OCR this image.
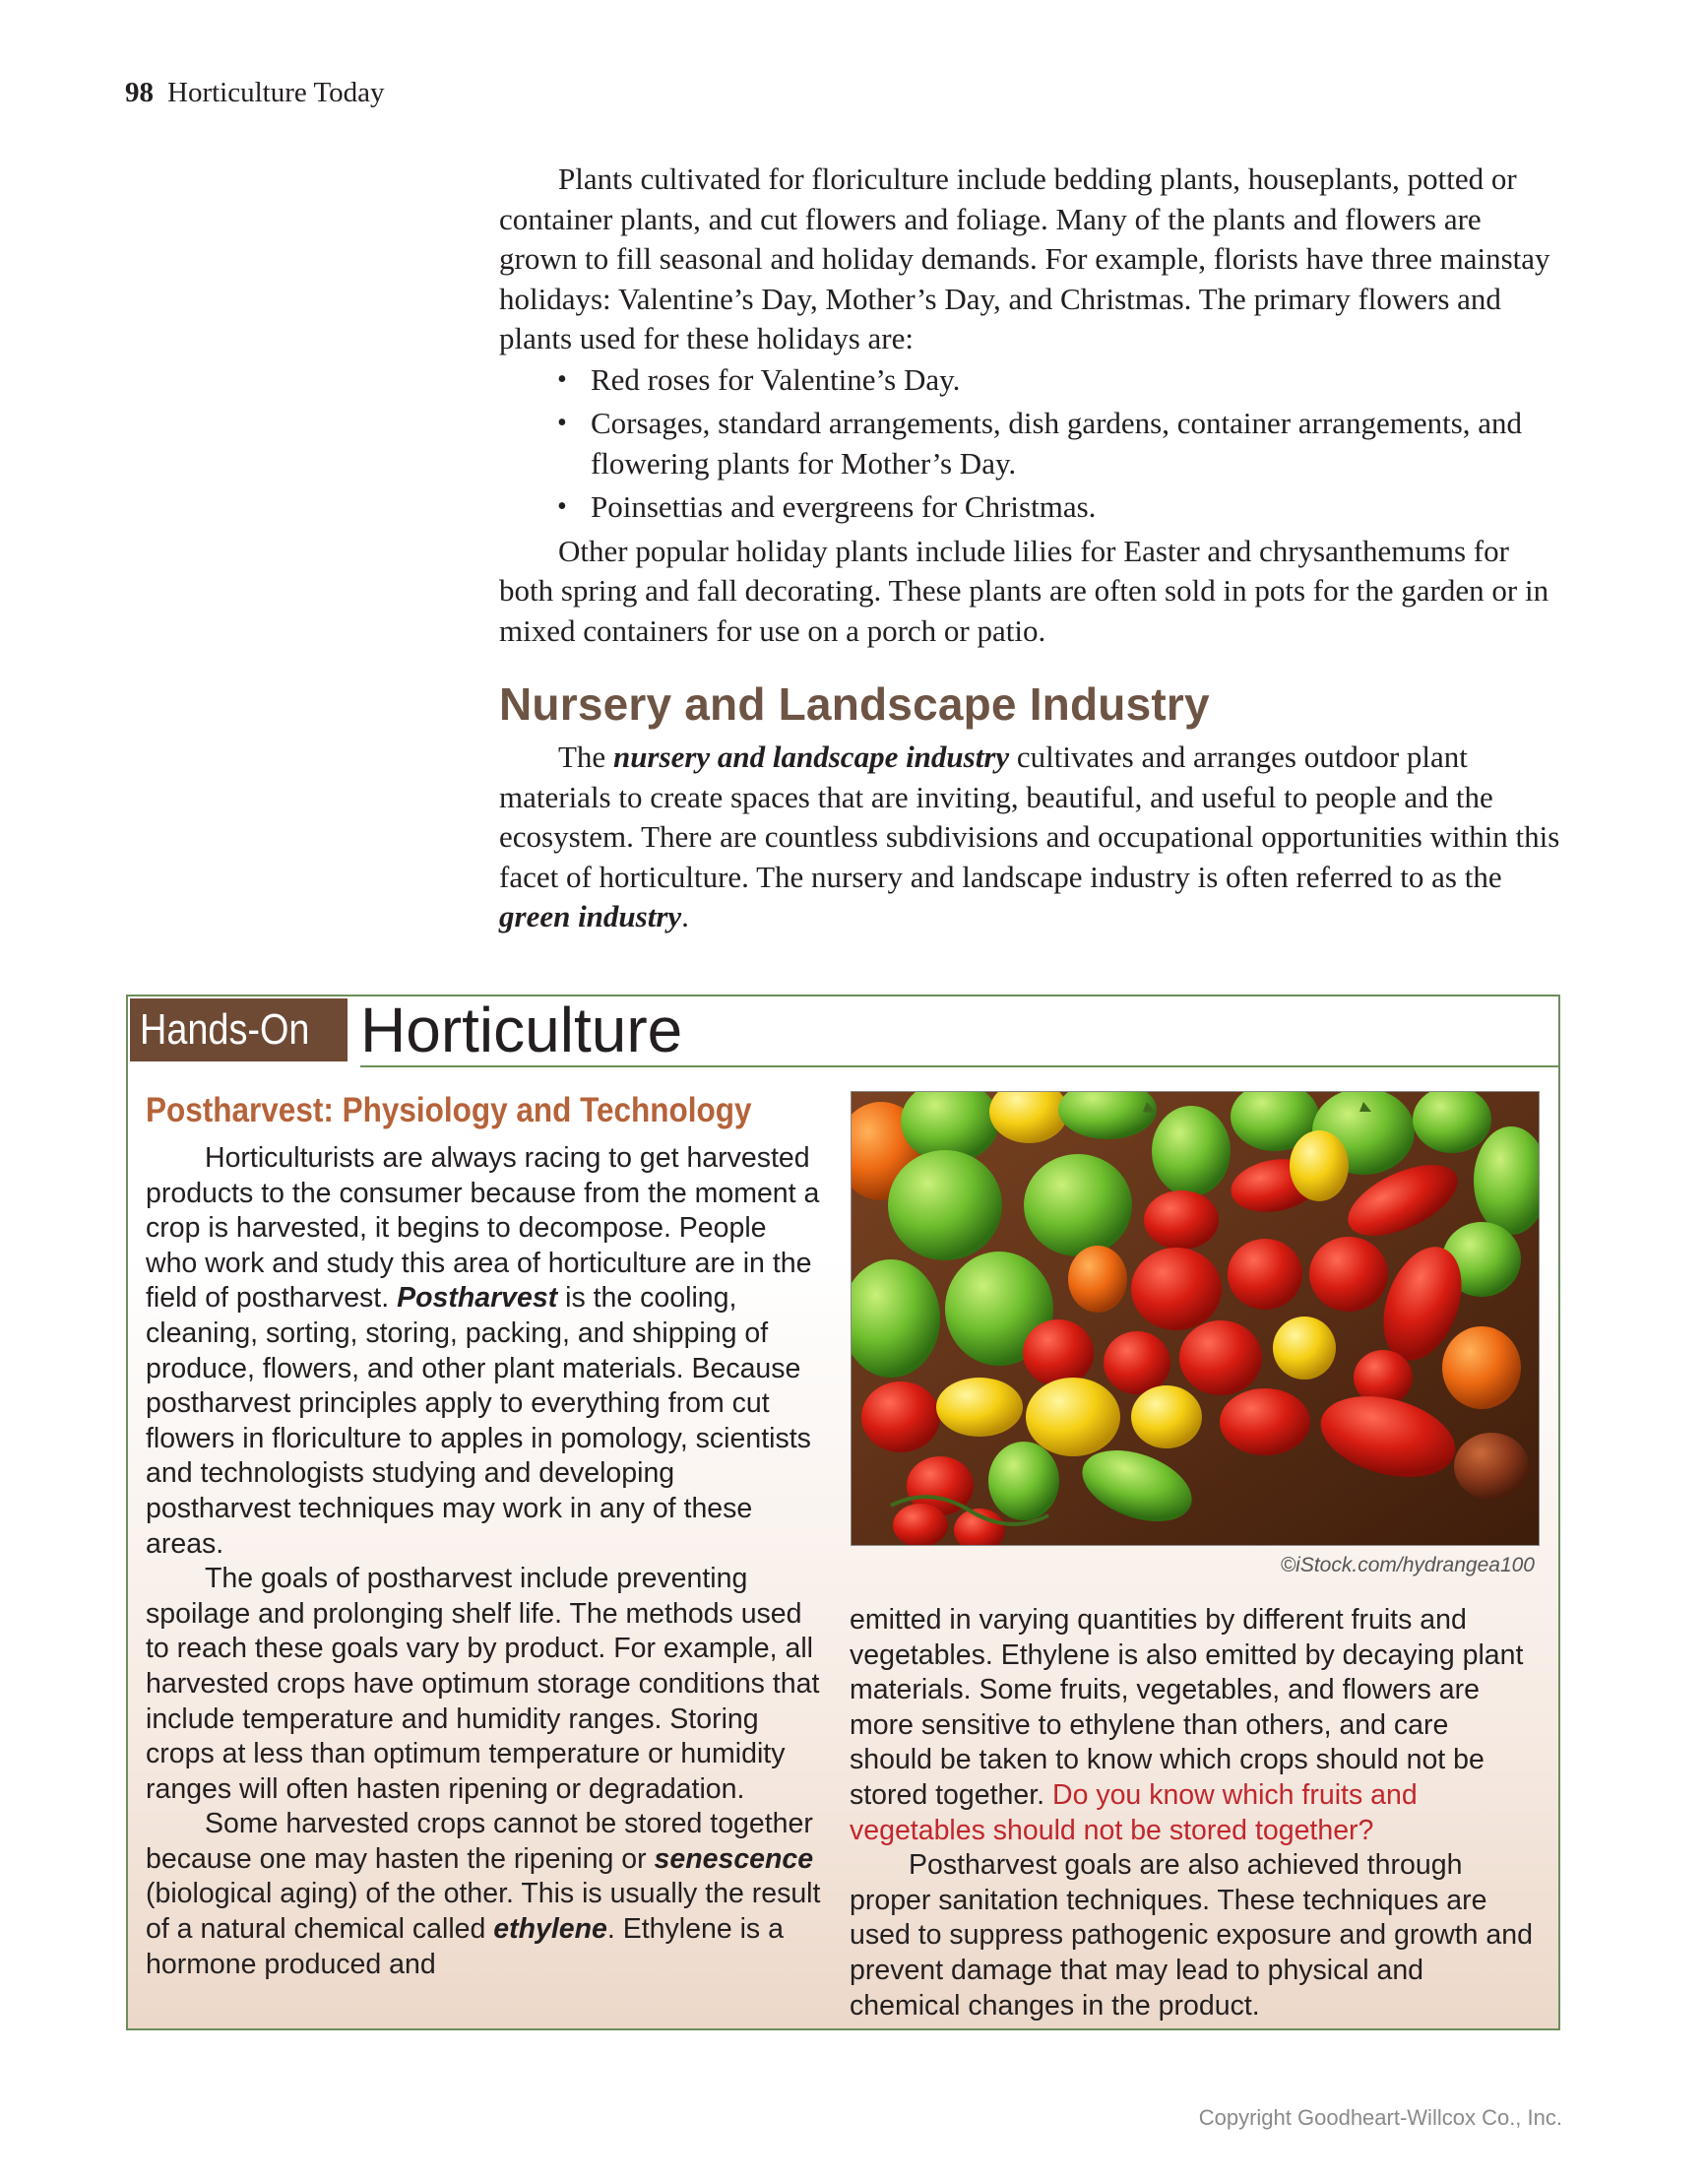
98 Horticulture Today

Plants cultivated for floriculture include bedding plants, houseplants, potted or container plants, and cut flowers and foliage. Many of the plants and flowers are grown to fill seasonal and holiday demands. For example, florists have three mainstay holidays: Valentine’s Day, Mother’s Day, and Christmas. The primary flowers and plants used for these holidays are:

• Red roses for Valentine’s Day.
• Corsages, standard arrangements, dish gardens, container arrangements, and flowering plants for Mother’s Day.
• Poinsettias and evergreens for Christmas.

Other popular holiday plants include lilies for Easter and chrysanthemums for both spring and fall decorating. These plants are often sold in pots for the garden or in mixed containers for use on a porch or patio.

Nursery and Landscape Industry

The nursery and landscape industry cultivates and arranges outdoor plant materials to create spaces that are inviting, beautiful, and useful to people and the ecosystem. There are countless subdivisions and occupational opportunities within this facet of horticulture. The nursery and landscape industry is often referred to as the green industry.

Hands-On Horticulture
Postharvest: Physiology and Technology

Horticulturists are always racing to get harvested products to the consumer because from the moment a crop is harvested, it begins to decompose. People who work and study this area of horticulture are in the field of postharvest. Postharvest is the cooling, cleaning, sorting, storing, packing, and shipping of produce, flowers, and other plant materials. Because postharvest principles apply to everything from cut flowers in floriculture to apples in pomology, scientists and technologists studying and developing postharvest techniques may work in any of these areas.

The goals of postharvest include preventing spoilage and prolonging shelf life. The methods used to reach these goals vary by product. For example, all harvested crops have optimum storage conditions that include temperature and humidity ranges. Storing crops at less than optimum temperature or humidity ranges will often hasten ripening or degradation.

Some harvested crops cannot be stored together because one may hasten the ripening or senescence (biological aging) of the other. This is usually the result of a natural chemical called ethylene. Ethylene is a hormone produced and

©iStock.com/hydrangea100

emitted in varying quantities by different fruits and vegetables. Ethylene is also emitted by decaying plant materials. Some fruits, vegetables, and flowers are more sensitive to ethylene than others, and care should be taken to know which crops should not be stored together. Do you know which fruits and vegetables should not be stored together?

Postharvest goals are also achieved through proper sanitation techniques. These techniques are used to suppress pathogenic exposure and growth and prevent damage that may lead to physical and chemical changes in the product.

Copyright Goodheart-Willcox Co., Inc.
